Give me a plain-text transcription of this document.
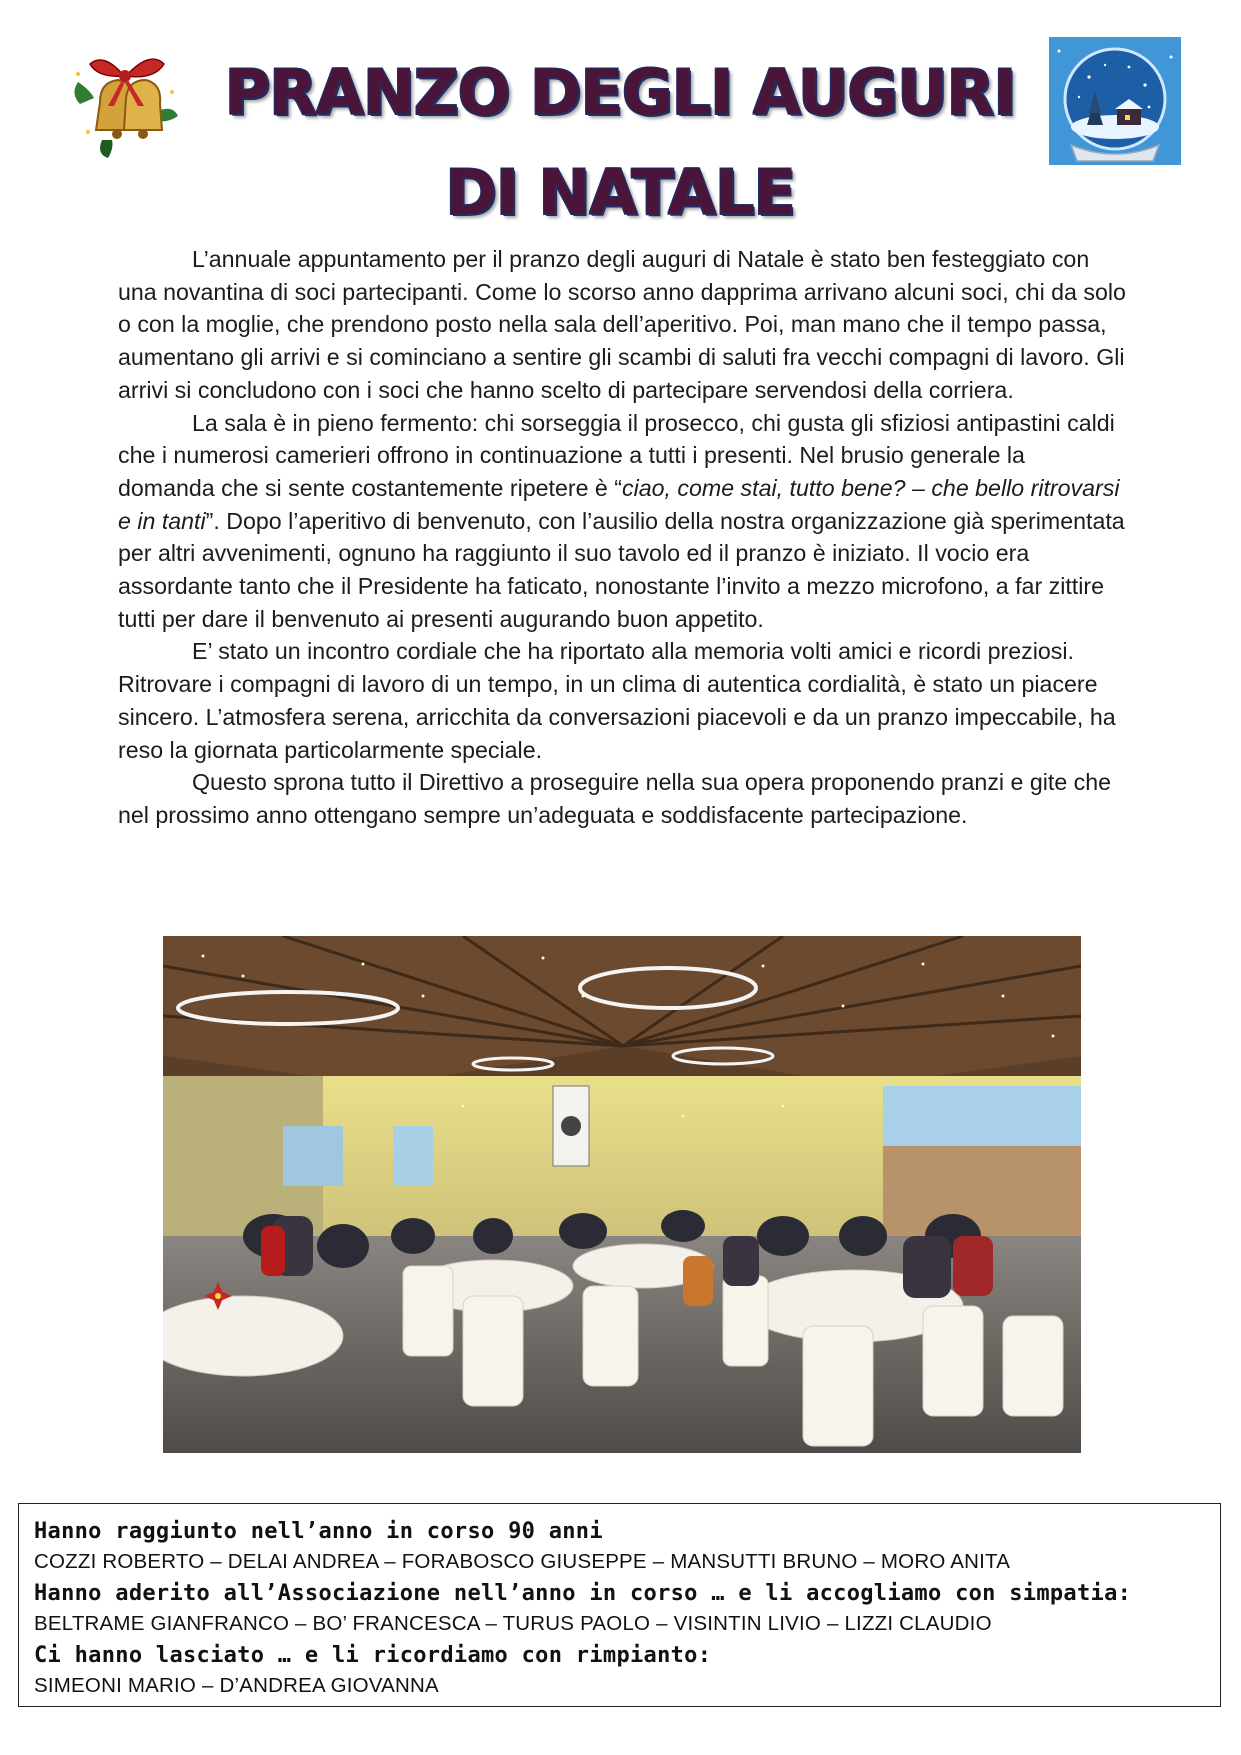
PRANZO DEGLI AUGURI
DI NATALE

L’annuale appuntamento per il pranzo degli auguri di Natale è stato ben festeggiato con una novantina di soci partecipanti. Come lo scorso anno dapprima arrivano alcuni soci, chi da solo o con la moglie, che prendono posto nella sala dell’aperitivo. Poi, man mano che il tempo passa, aumentano gli arrivi e si cominciano a sentire gli scambi di saluti fra vecchi compagni di lavoro. Gli arrivi si concludono con i soci che hanno scelto di partecipare servendosi della corriera.

La sala è in pieno fermento: chi sorseggia il prosecco, chi gusta gli sfiziosi antipastini caldi che i numerosi camerieri offrono in continuazione a tutti i presenti. Nel brusio generale la domanda che si sente costantemente ripetere è “ciao, come stai, tutto bene? – che bello ritrovarsi e in tanti”. Dopo l’aperitivo di benvenuto, con l’ausilio della nostra organizzazione già sperimentata per altri avvenimenti, ognuno ha raggiunto il suo tavolo ed il pranzo è iniziato. Il vocio era assordante tanto che il Presidente ha faticato, nonostante l’invito a mezzo microfono, a far zittire tutti per dare il benvenuto ai presenti augurando buon appetito.

E’ stato un incontro cordiale che ha riportato alla memoria volti amici e ricordi preziosi. Ritrovare i compagni di lavoro di un tempo, in un clima di autentica cordialità, è stato un piacere sincero. L’atmosfera serena, arricchita da conversazioni piacevoli e da un pranzo impeccabile, ha reso la giornata particolarmente speciale.

Questo sprona tutto il Direttivo a proseguire nella sua opera proponendo pranzi e gite che nel prossimo anno ottengano sempre un’adeguata e soddisfacente partecipazione.

Hanno raggiunto nell’anno in corso 90 anni

COZZI ROBERTO – DELAI ANDREA – FORABOSCO GIUSEPPE – MANSUTTI BRUNO – MORO ANITA

Hanno aderito all’Associazione nell’anno in corso … e li accogliamo con simpatia:

BELTRAME GIANFRANCO – BO’ FRANCESCA – TURUS PAOLO – VISINTIN LIVIO – LIZZI CLAUDIO

Ci hanno lasciato … e li ricordiamo con rimpianto:

SIMEONI MARIO – D’ANDREA GIOVANNA
